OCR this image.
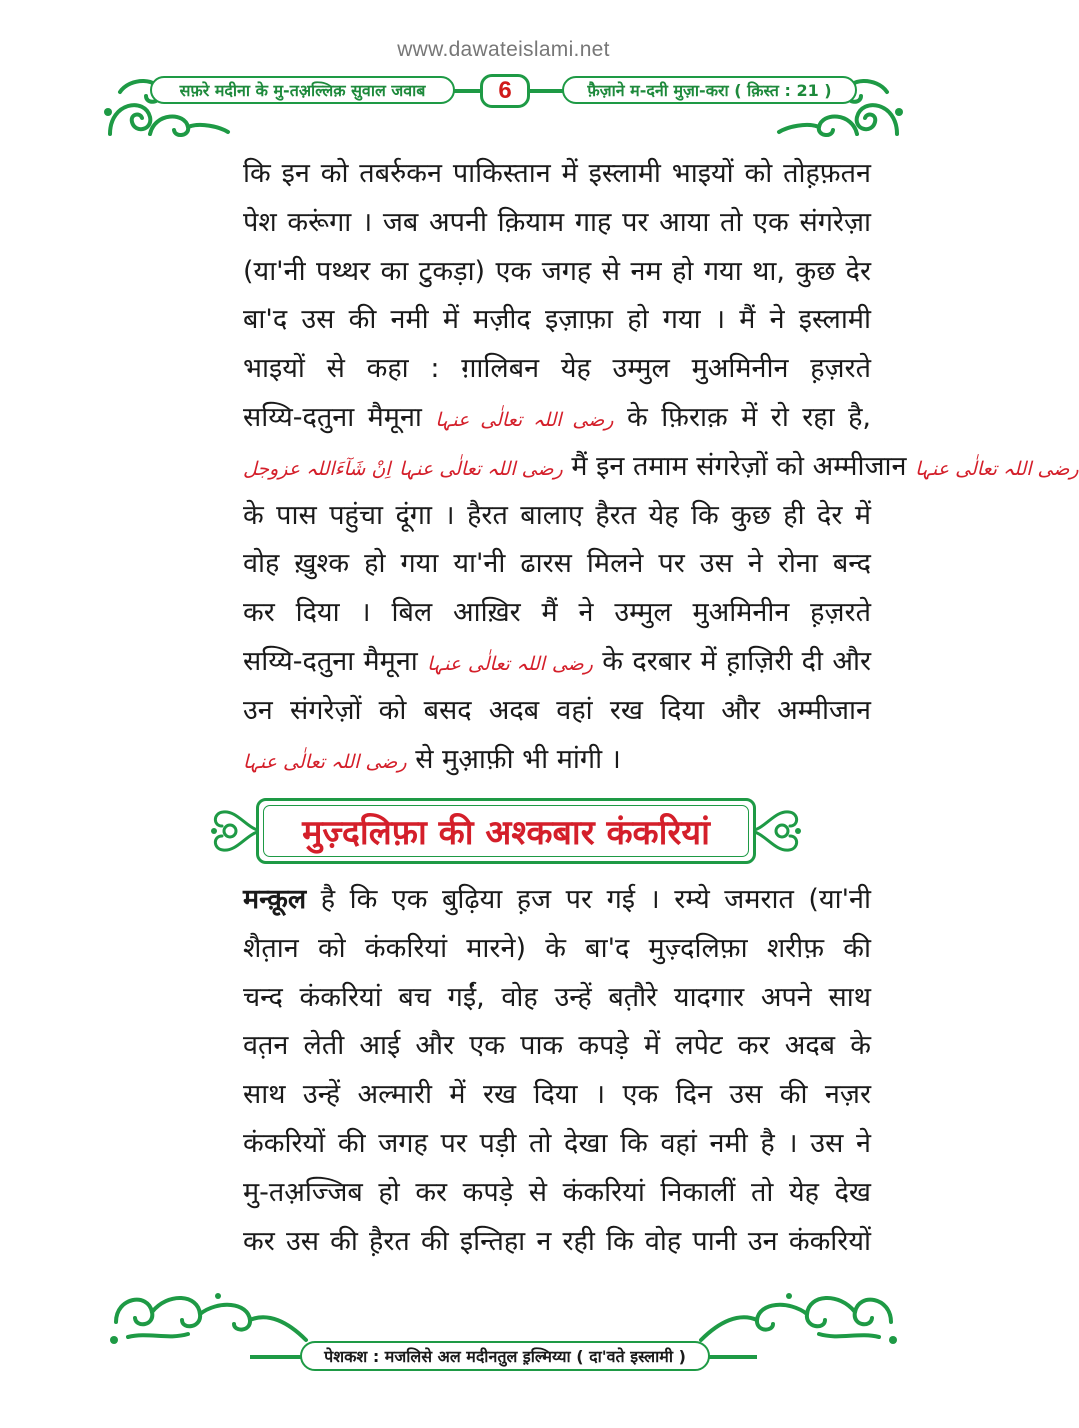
www.dawateislami.net
सफ़रे मदीना के मु-तअ़ल्लिक़ सुवाल जवाब	6	फ़ैज़ाने म-दनी मुज़ा-करा ( क़िस्त : 21 )
कि इन को तबर्रुकन पाकिस्तान में इस्लामी भाइयों को तोह़फ़तन
पेश करूंगा । जब अपनी क़ियाम गाह पर आया तो एक संगरेज़ा
(या'नी पथ्थर का टुकड़ा) एक जगह से नम हो गया था, कुछ देर
बा'द उस की नमी में मज़ीद इज़ाफ़ा हो गया । मैं ने इस्लामी
भाइयों से कहा : ग़ालिबन येह उम्मुल मुअमिनीन ह़ज़रते
सय्यि-दतुना मैमूना رضی اللہ تعالٰی عنہا के फ़िराक़ में रो रहा है,
رضی اللہ تعالٰی عنہا اِنْ شَآءَاللہ عزوجل	मैं इन तमाम संगरेज़ों को अम्मीजान رضی اللہ تعالٰی عنہا
के पास पहुंचा दूंगा । हैरत बालाए हैरत येह कि कुछ ही देर में
वोह ख़ुश्क हो गया या'नी ढारस मिलने पर उस ने रोना बन्द
कर दिया । बिल आख़िर मैं ने उम्मुल मुअमिनीन ह़ज़रते
सय्यि-दतुना मैमूना رضی اللہ تعالٰی عنہا के दरबार में ह़ाज़िरी दी और
उन संगरेज़ों को बसद अदब वहां रख दिया और अम्मीजान
رضی اللہ تعالٰی عنہا से मुआ़फ़ी भी मांगी ।
मुज़्दलिफ़ा की अश्कबार कंकरियां
मन्क़ूल है कि एक बुढ़िया ह़ज पर गई । रम्ये जमरात (या'नी
शैत़ान को कंकरियां मारने) के बा'द मुज़्दलिफ़ा शरीफ़ की
चन्द कंकरियां बच गईं, वोह उन्हें बत़ौरे यादगार अपने साथ
वत़न लेती आई और एक पाक कपड़े में लपेट कर अदब के
साथ उन्हें अल्मारी में रख दिया । एक दिन उस की नज़र
कंकरियों की जगह पर पड़ी तो देखा कि वहां नमी है । उस ने
मु-तअ़ज्जिब हो कर कपड़े से कंकरियां निकालीं तो येह देख
कर उस की ह़ैरत की इन्तिहा न रही कि वोह पानी उन कंकरियों
पेशकश : मजलिसे अल मदीनतुल इ़ल्मिय्या ( दा'वते इस्लामी )
